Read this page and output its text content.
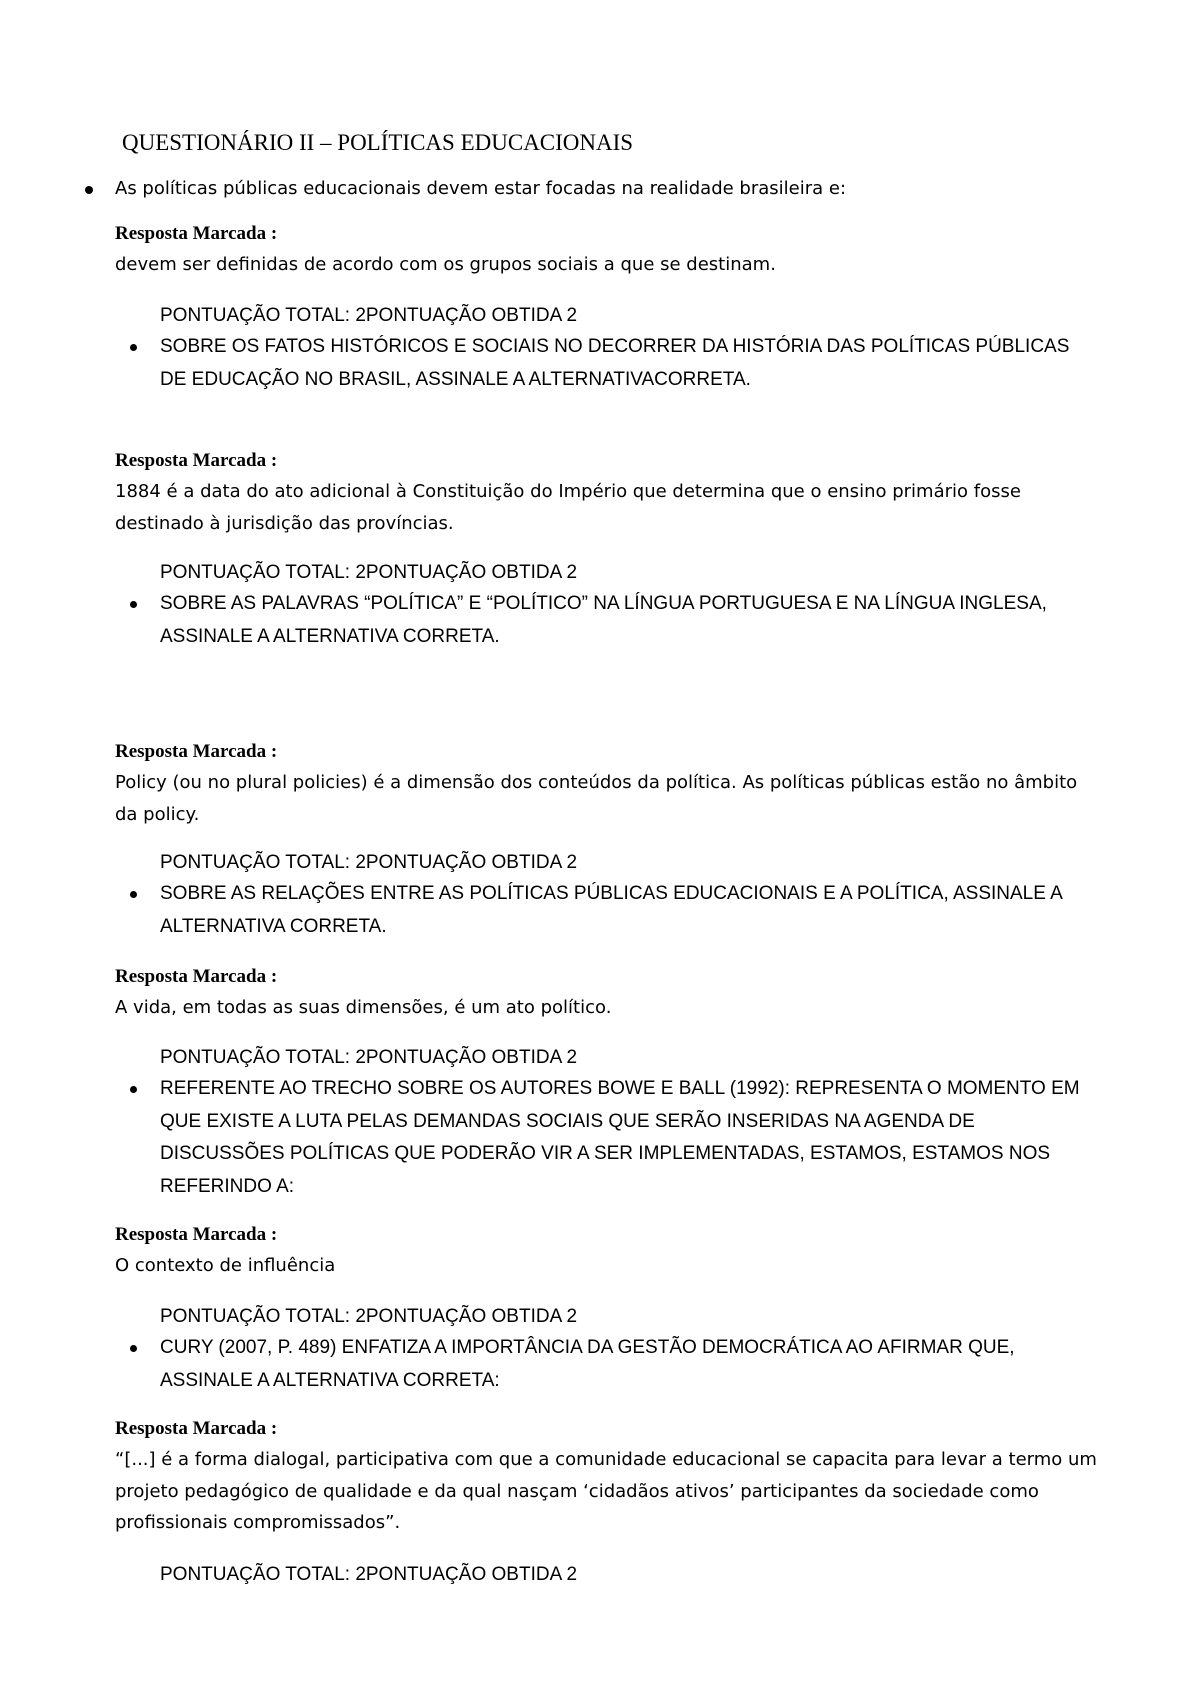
QUESTIONÁRIO II – POLÍTICAS EDUCACIONAIS
As políticas públicas educacionais devem estar focadas na realidade brasileira e:
Resposta Marcada :
devem ser definidas de acordo com os grupos sociais a que se destinam.
PONTUAÇÃO TOTAL: 2PONTUAÇÃO OBTIDA 2
SOBRE OS FATOS HISTÓRICOS E SOCIAIS NO DECORRER DA HISTÓRIA DAS POLÍTICAS PÚBLICAS DE EDUCAÇÃO NO BRASIL, ASSINALE A ALTERNATIVACORRETA.
Resposta Marcada :
1884 é a data do ato adicional à Constituição do Império que determina que o ensino primário fosse destinado à jurisdição das províncias.
PONTUAÇÃO TOTAL: 2PONTUAÇÃO OBTIDA 2
SOBRE AS PALAVRAS “POLÍTICA” E “POLÍTICO” NA LÍNGUA PORTUGUESA E NA LÍNGUA INGLESA, ASSINALE A ALTERNATIVA CORRETA.
Resposta Marcada :
Policy (ou no plural policies) é a dimensão dos conteúdos da política. As políticas públicas estão no âmbito da policy.
PONTUAÇÃO TOTAL: 2PONTUAÇÃO OBTIDA 2
SOBRE AS RELAÇÕES ENTRE AS POLÍTICAS PÚBLICAS EDUCACIONAIS E A POLÍTICA, ASSINALE A ALTERNATIVA CORRETA.
Resposta Marcada :
A vida, em todas as suas dimensões, é um ato político.
PONTUAÇÃO TOTAL: 2PONTUAÇÃO OBTIDA 2
REFERENTE AO TRECHO SOBRE OS AUTORES BOWE E BALL (1992): REPRESENTA O MOMENTO EM QUE EXISTE A LUTA PELAS DEMANDAS SOCIAIS QUE SERÃO INSERIDAS NA AGENDA DE DISCUSSÕES POLÍTICAS QUE PODERÃO VIR A SER IMPLEMENTADAS, ESTAMOS, ESTAMOS NOS REFERINDO A:
Resposta Marcada :
O contexto de influência
PONTUAÇÃO TOTAL: 2PONTUAÇÃO OBTIDA 2
CURY (2007, P. 489) ENFATIZA A IMPORTÂNCIA DA GESTÃO DEMOCRÁTICA AO AFIRMAR QUE, ASSINALE A ALTERNATIVA CORRETA:
Resposta Marcada :
“[...] é a forma dialogal, participativa com que a comunidade educacional se capacita para levar a termo um projeto pedagógico de qualidade e da qual nasçam ‘cidadãos ativos’ participantes da sociedade como profissionais compromissados”.
PONTUAÇÃO TOTAL: 2PONTUAÇÃO OBTIDA 2
